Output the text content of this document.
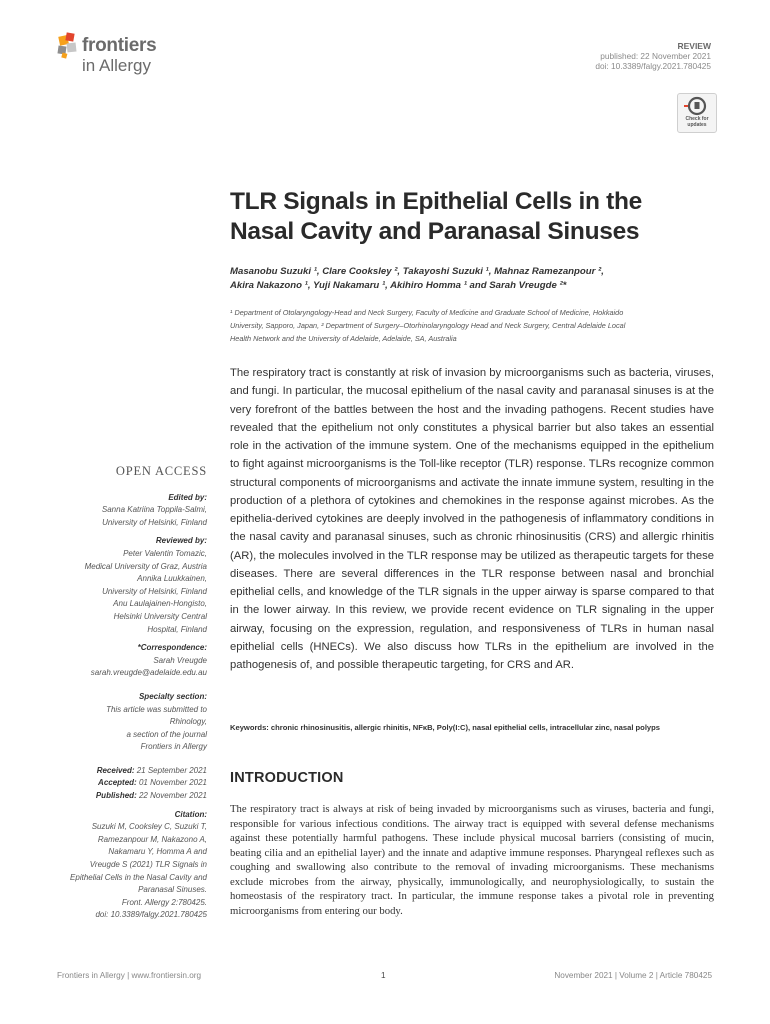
frontiers
in Allergy
REVIEW
published: 22 November 2021
doi: 10.3389/falgy.2021.780425
Check for
updates
TLR Signals in Epithelial Cells in the
Nasal Cavity and Paranasal Sinuses
Masanobu Suzuki ¹, Clare Cooksley ², Takayoshi Suzuki ¹, Mahnaz Ramezanpour ²,
Akira Nakazono ¹, Yuji Nakamaru ¹, Akihiro Homma ¹ and Sarah Vreugde ²*
¹ Department of Otolaryngology-Head and Neck Surgery, Faculty of Medicine and Graduate School of Medicine, Hokkaido
University, Sapporo, Japan, ² Department of Surgery–Otorhinolaryngology Head and Neck Surgery, Central Adelaide Local
Health Network and the University of Adelaide, Adelaide, SA, Australia
The respiratory tract is constantly at risk of invasion by microorganisms such as bacteria, viruses, and fungi. In particular, the mucosal epithelium of the nasal cavity and paranasal sinuses is at the very forefront of the battles between the host and the invading pathogens. Recent studies have revealed that the epithelium not only constitutes a physical barrier but also takes an essential role in the activation of the immune system. One of the mechanisms equipped in the epithelium to fight against microorganisms is the Toll-like receptor (TLR) response. TLRs recognize common structural components of microorganisms and activate the innate immune system, resulting in the production of a plethora of cytokines and chemokines in the response against microbes. As the epithelia-derived cytokines are deeply involved in the pathogenesis of inflammatory conditions in the nasal cavity and paranasal sinuses, such as chronic rhinosinusitis (CRS) and allergic rhinitis (AR), the molecules involved in the TLR response may be utilized as therapeutic targets for these diseases. There are several differences in the TLR response between nasal and bronchial epithelial cells, and knowledge of the TLR signals in the upper airway is sparse compared to that in the lower airway. In this review, we provide recent evidence on TLR signaling in the upper airway, focusing on the expression, regulation, and responsiveness of TLRs in human nasal epithelial cells (HNECs). We also discuss how TLRs in the epithelium are involved in the pathogenesis of, and possible therapeutic targeting, for CRS and AR.
Keywords: chronic rhinosinusitis, allergic rhinitis, NFκB, Poly(I:C), nasal epithelial cells, intracellular zinc, nasal polyps
OPEN ACCESS
Edited by:
Sanna Katriina Toppila-Salmi,
University of Helsinki, Finland
Reviewed by:
Peter Valentin Tomazic,
Medical University of Graz, Austria
Annika Luukkainen,
University of Helsinki, Finland
Anu Laulajainen-Hongisto,
Helsinki University Central
Hospital, Finland
*Correspondence:
Sarah Vreugde
sarah.vreugde@adelaide.edu.au
Specialty section:
This article was submitted to
Rhinology,
a section of the journal
Frontiers in Allergy
Received: 21 September 2021
Accepted: 01 November 2021
Published: 22 November 2021
Citation:
Suzuki M, Cooksley C, Suzuki T,
Ramezanpour M, Nakazono A,
Nakamaru Y, Homma A and
Vreugde S (2021) TLR Signals in
Epithelial Cells in the Nasal Cavity and
Paranasal Sinuses.
Front. Allergy 2:780425.
doi: 10.3389/falgy.2021.780425
INTRODUCTION
The respiratory tract is always at risk of being invaded by microorganisms such as viruses, bacteria and fungi, responsible for various infectious conditions. The airway tract is equipped with several defense mechanisms against these potentially harmful pathogens. These include physical mucosal barriers (consisting of mucin, beating cilia and an epithelial layer) and the innate and adaptive immune responses. Pharyngeal reflexes such as coughing and swallowing also contribute to the removal of invading microorganisms. These mechanisms exclude microbes from the airway, physically, immunologically, and neurophysiologically, to sustain the homeostasis of the respiratory tract. In particular, the immune response takes a pivotal role in preventing microorganisms from entering our body.
Frontiers in Allergy | www.frontiersin.org	1	November 2021 | Volume 2 | Article 780425
